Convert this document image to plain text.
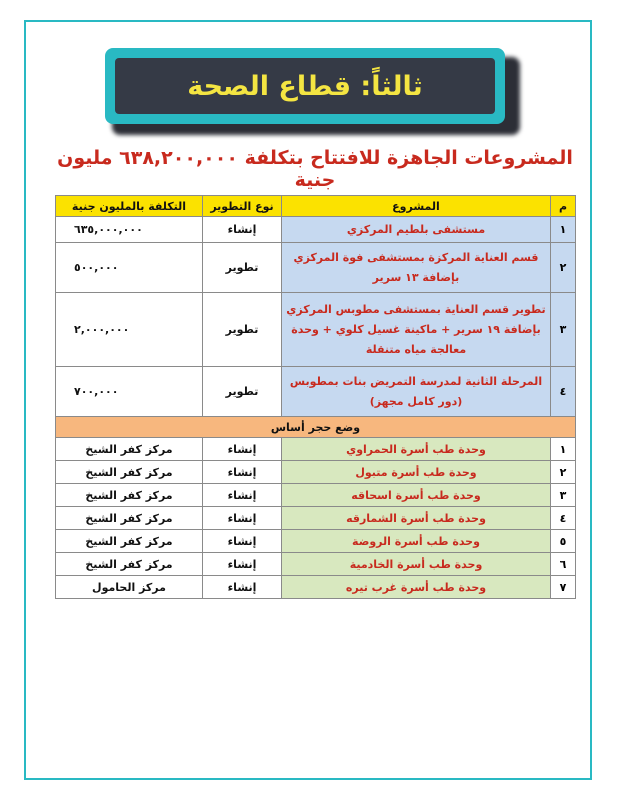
ثالثاً: قطاع الصحة
المشروعات الجاهزة للافتتاح بتكلفة ٦٣٨,٢٠٠,٠٠٠ مليون جنية
م	المشروع	نوع التطوير	التكلفة بالمليون جنية
١	مستشفى بلطيم المركزي	إنشاء	٦٣٥,٠٠٠,٠٠٠
٢	قسم العناية المركزة بمستشفى فوة المركزي بإضافة ١٣ سرير	تطوير	٥٠٠,٠٠٠
٣	تطوير قسم العناية بمستشفى مطوبس المركزي بإضافة ١٩ سرير + ماكينة غسيل كلوي + وحدة معالجة مياه متنقلة	تطوير	٢,٠٠٠,٠٠٠
٤	المرحلة الثانية لمدرسة التمريض بنات بمطوبس (دور كامل مجهز)	تطوير	٧٠٠,٠٠٠
وضع حجر أساس			
١	وحدة طب أسرة الحمراوي	إنشاء	مركز كفر الشيخ
٢	وحدة طب أسرة متبول	إنشاء	مركز كفر الشيخ
٣	وحدة طب أسرة اسحاقه	إنشاء	مركز كفر الشيخ
٤	وحدة طب أسرة الشمارقه	إنشاء	مركز كفر الشيخ
٥	وحدة طب أسرة الروضة	إنشاء	مركز كفر الشيخ
٦	وحدة طب أسرة الخادمية	إنشاء	مركز كفر الشيخ
٧	وحدة طب أسرة غرب تيره	إنشاء	مركز الحامول
